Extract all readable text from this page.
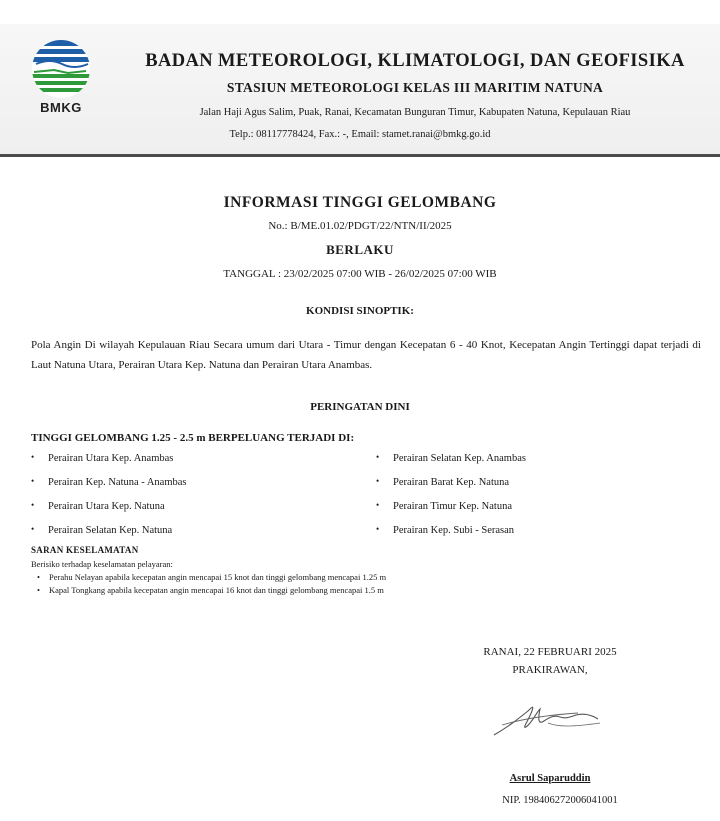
BMKG
BADAN METEOROLOGI, KLIMATOLOGI, DAN GEOFISIKA
STASIUN METEOROLOGI KELAS III MARITIM NATUNA
Jalan Haji Agus Salim, Puak, Ranai, Kecamatan Bunguran Timur, Kabupaten Natuna, Kepulauan Riau
Telp.: 08117778424, Fax.: -, Email: stamet.ranai@bmkg.go.id
INFORMASI TINGGI GELOMBANG
No.: B/ME.01.02/PDGT/22/NTN/II/2025
BERLAKU
TANGGAL : 23/02/2025 07:00 WIB - 26/02/2025 07:00 WIB
KONDISI SINOPTIK:
Pola Angin Di wilayah Kepulauan Riau Secara umum dari Utara - Timur dengan Kecepatan 6 - 40 Knot, Kecepatan Angin Tertinggi dapat terjadi di Laut Natuna Utara, Perairan Utara Kep. Natuna dan Perairan Utara Anambas.
PERINGATAN DINI
TINGGI GELOMBANG 1.25 - 2.5 m BERPELUANG TERJADI DI:
• Perairan Utara Kep. Anambas
• Perairan Kep. Natuna - Anambas
• Perairan Utara Kep. Natuna
• Perairan Selatan Kep. Natuna
• Perairan Selatan Kep. Anambas
• Perairan Barat Kep. Natuna
• Perairan Timur Kep. Natuna
• Perairan Kep. Subi - Serasan
SARAN KESELAMATAN
Berisiko terhadap keselamatan pelayaran:
• Perahu Nelayan apabila kecepatan angin mencapai 15 knot dan tinggi gelombang mencapai 1.25 m
• Kapal Tongkang apabila kecepatan angin mencapai 16 knot dan tinggi gelombang mencapai 1.5 m
RANAI, 22 FEBRUARI 2025
PRAKIRAWAN,
Asrul Saparuddin
NIP. 198406272006041001
